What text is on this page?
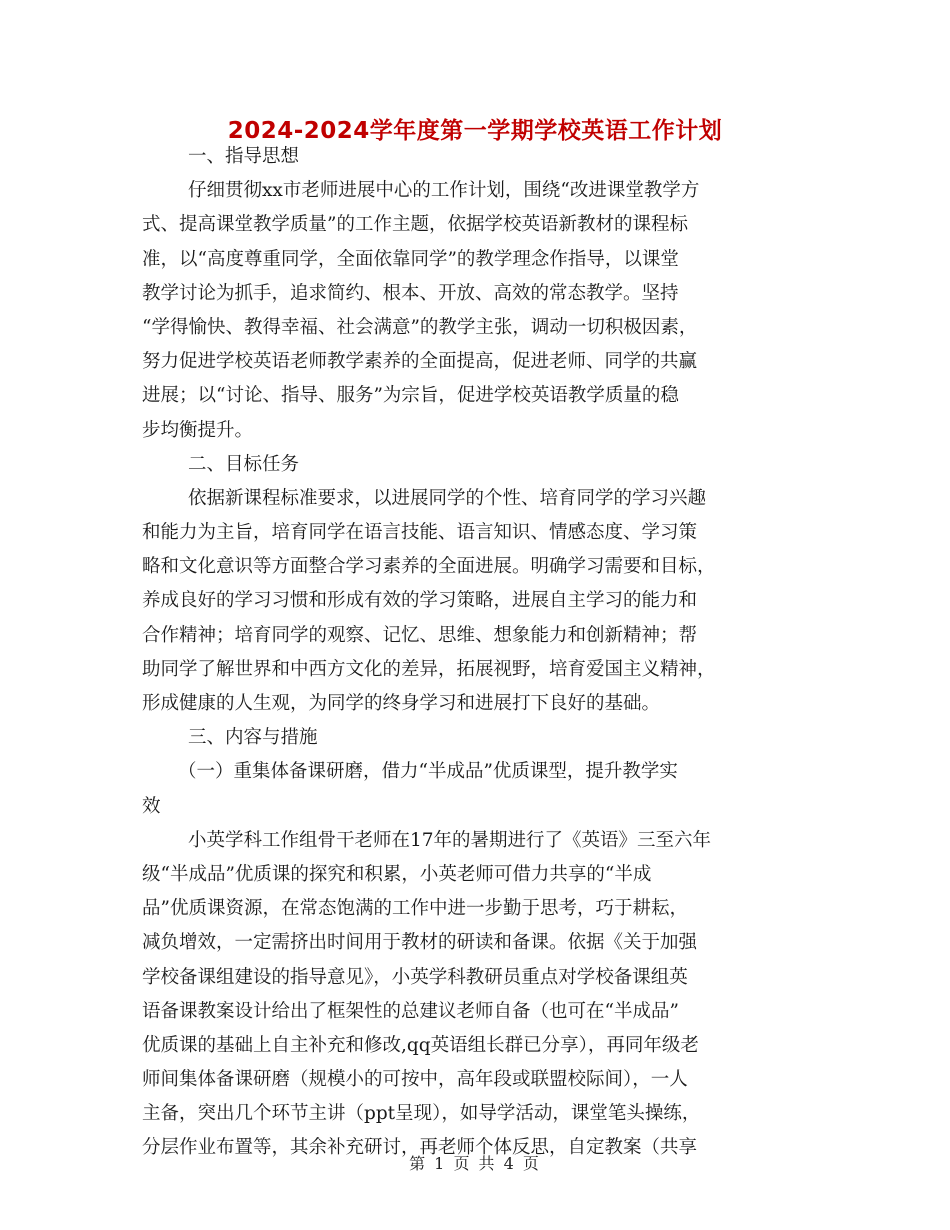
2024-2024学年度第一学期学校英语工作计划
一、指导思想
仔细贯彻xx市老师进展中心的工作计划，围绕“改进课堂教学方
式、提高课堂教学质量”的工作主题，依据学校英语新教材的课程标
准，以“高度尊重同学，全面依靠同学”的教学理念作指导，以课堂
教学讨论为抓手，追求简约、根本、开放、高效的常态教学。坚持
“学得愉快、教得幸福、社会满意”的教学主张，调动一切积极因素，
努力促进学校英语老师教学素养的全面提高，促进老师、同学的共赢
进展；以“讨论、指导、服务”为宗旨，促进学校英语教学质量的稳
步均衡提升。
二、目标任务
依据新课程标准要求，以进展同学的个性、培育同学的学习兴趣
和能力为主旨，培育同学在语言技能、语言知识、情感态度、学习策
略和文化意识等方面整合学习素养的全面进展。明确学习需要和目标，
养成良好的学习习惯和形成有效的学习策略，进展自主学习的能力和
合作精神；培育同学的观察、记忆、思维、想象能力和创新精神；帮
助同学了解世界和中西方文化的差异，拓展视野，培育爱国主义精神，
形成健康的人生观，为同学的终身学习和进展打下良好的基础。
三、内容与措施
（一）重集体备课研磨，借力“半成品”优质课型，提升教学实
效
小英学科工作组骨干老师在17年的暑期进行了《英语》三至六年
级“半成品”优质课的探究和积累，小英老师可借力共享的“半成
品”优质课资源，在常态饱满的工作中进一步勤于思考，巧于耕耘，
减负增效，一定需挤出时间用于教材的研读和备课。依据《关于加强
学校备课组建设的指导意见》，小英学科教研员重点对学校备课组英
语备课教案设计给出了框架性的总建议老师自备（也可在“半成品”
优质课的基础上自主补充和修改,qq英语组长群已分享），再同年级老
师间集体备课研磨（规模小的可按中，高年段或联盟校际间），一人
主备，突出几个环节主讲（ppt呈现），如导学活动，课堂笔头操练，
分层作业布置等，其余补充研讨，再老师个体反思，自定教案（共享
第 1 页 共 4 页
